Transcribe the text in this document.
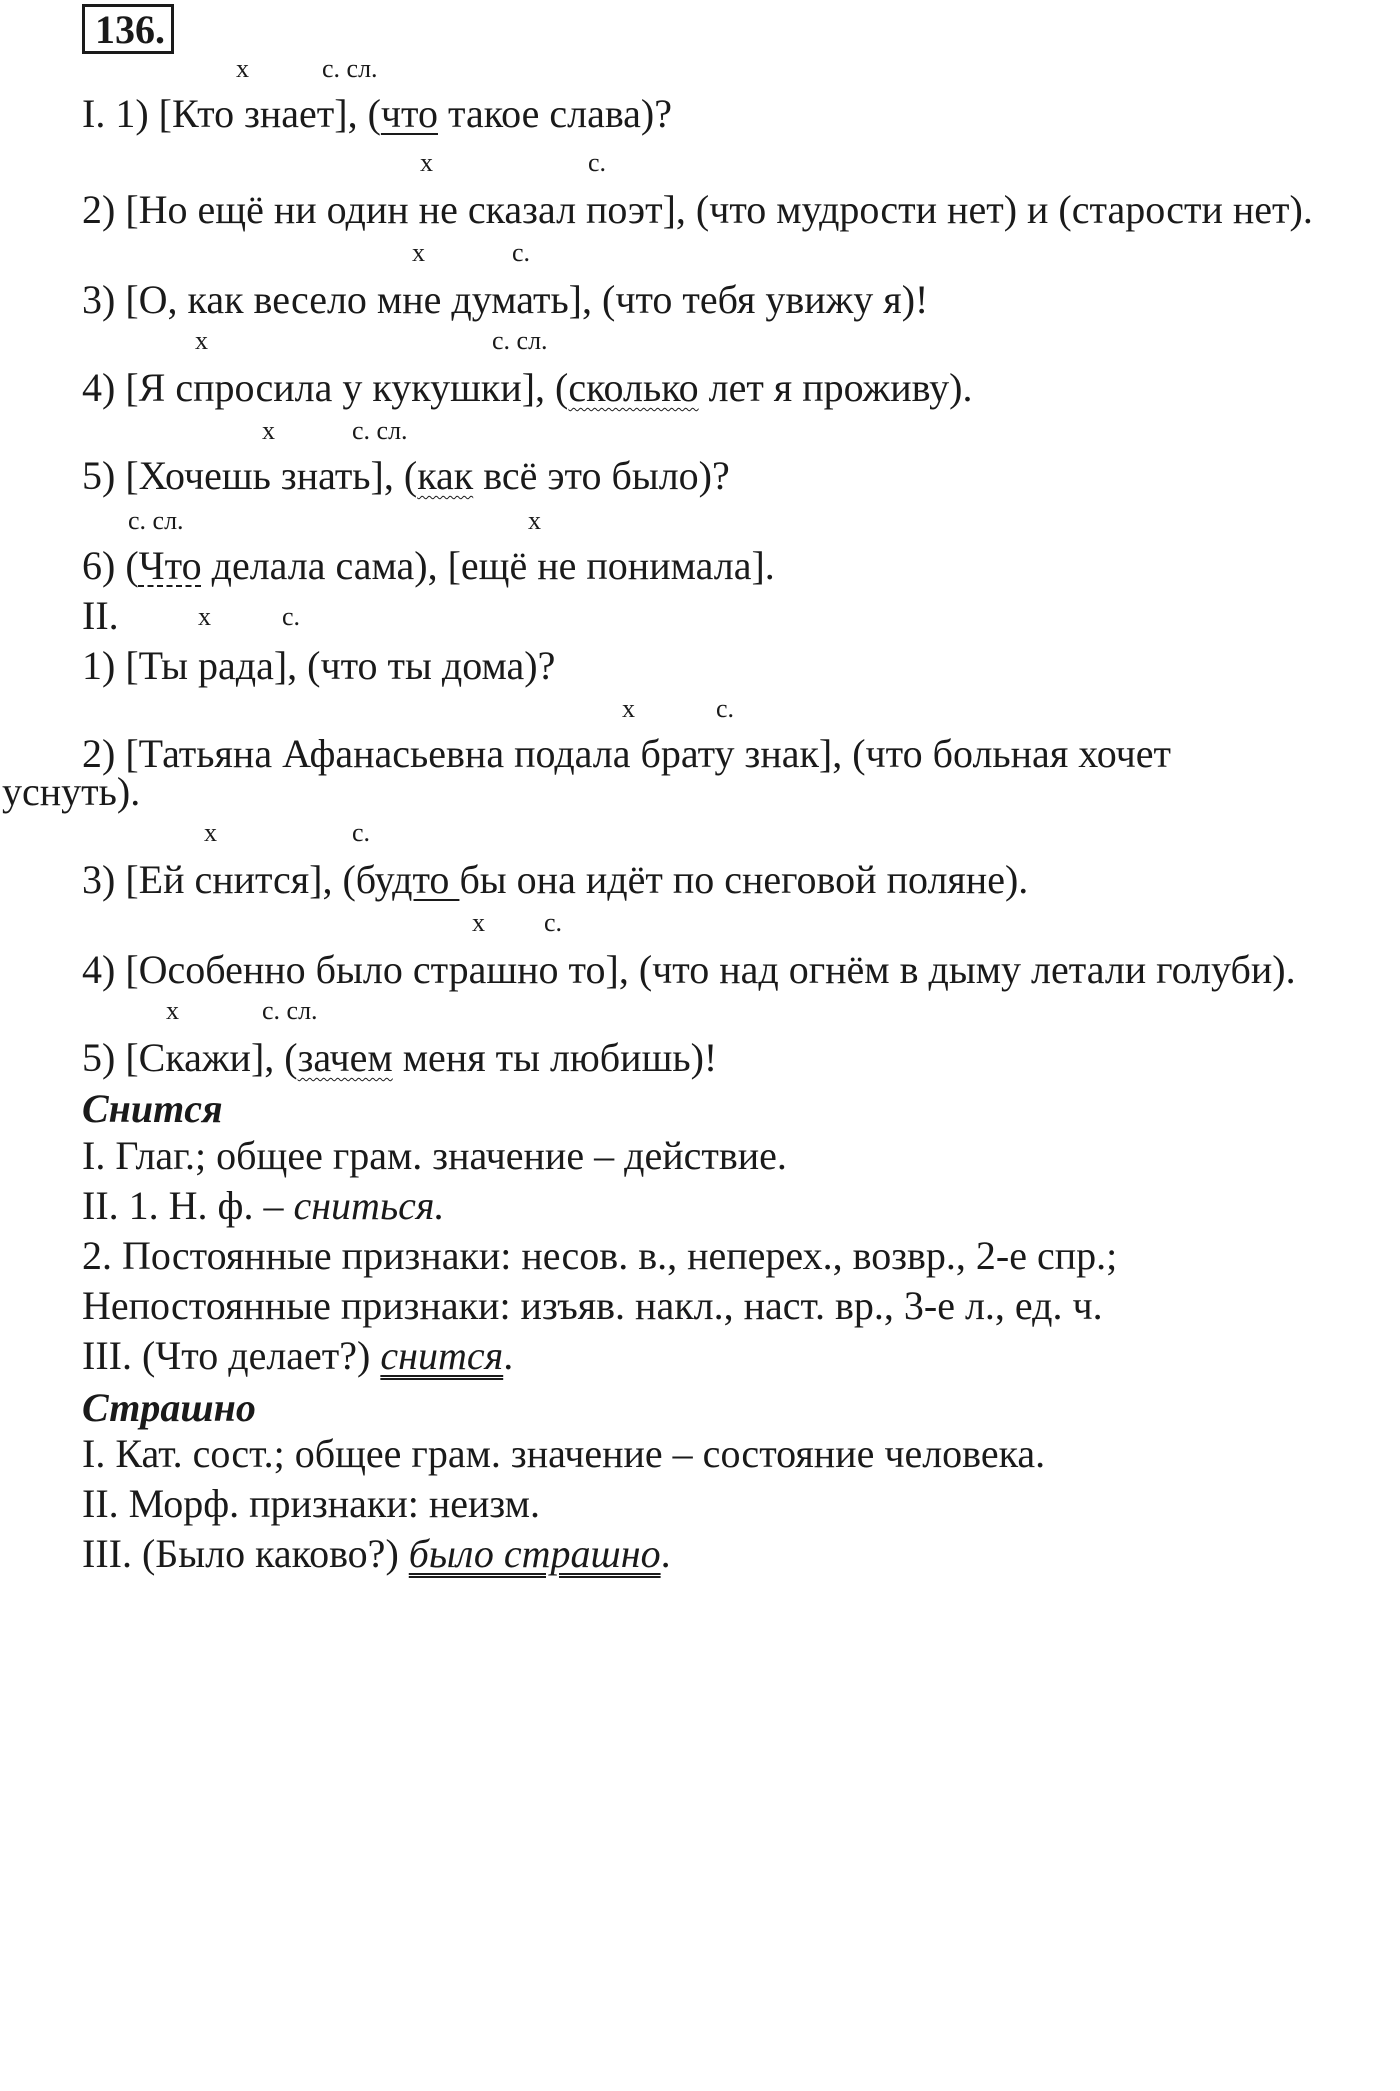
136.
х	с. сл.
I. 1) [Кто знает], (что такое слава)?
х	с.
2) [Но ещё ни один не сказал поэт], (что мудрости нет) и (старости нет).
х	с.
3) [О, как весело мне думать], (что тебя увижу я)!
х	с. сл.
4) [Я спросила у кукушки], (сколько лет я проживу).
х	с. сл.
5) [Хочешь знать], (как всё это было)?
с. сл.	х
6) (Что делала сама), [ещё не понимала].
II.	х	с.
1) [Ты рада], (что ты дома)?
х	с.
2) [Татьяна Афанасьевна подала брату знак], (что больная хочет
уснуть).
х	с.
3) [Ей снится], (будто бы она идёт по снеговой поляне).
х с.
4) [Особенно было страшно то], (что над огнём в дыму летали голуби).
х	с. сл.
5) [Скажи], (зачем меня ты любишь)!
Снится
I. Глаг.; общее грам. значение – действие.
II. 1. Н. ф. – сниться.
2. Постоянные признаки: несов. в., неперех., возвр., 2-е спр.;
Непостоянные признаки: изъяв. накл., наст. вр., 3-е л., ед. ч.
III. (Что делает?) снится.
Страшно
I. Кат. сост.; общее грам. значение – состояние человека.
II. Морф. признаки: неизм.
III. (Было каково?) было страшно.
